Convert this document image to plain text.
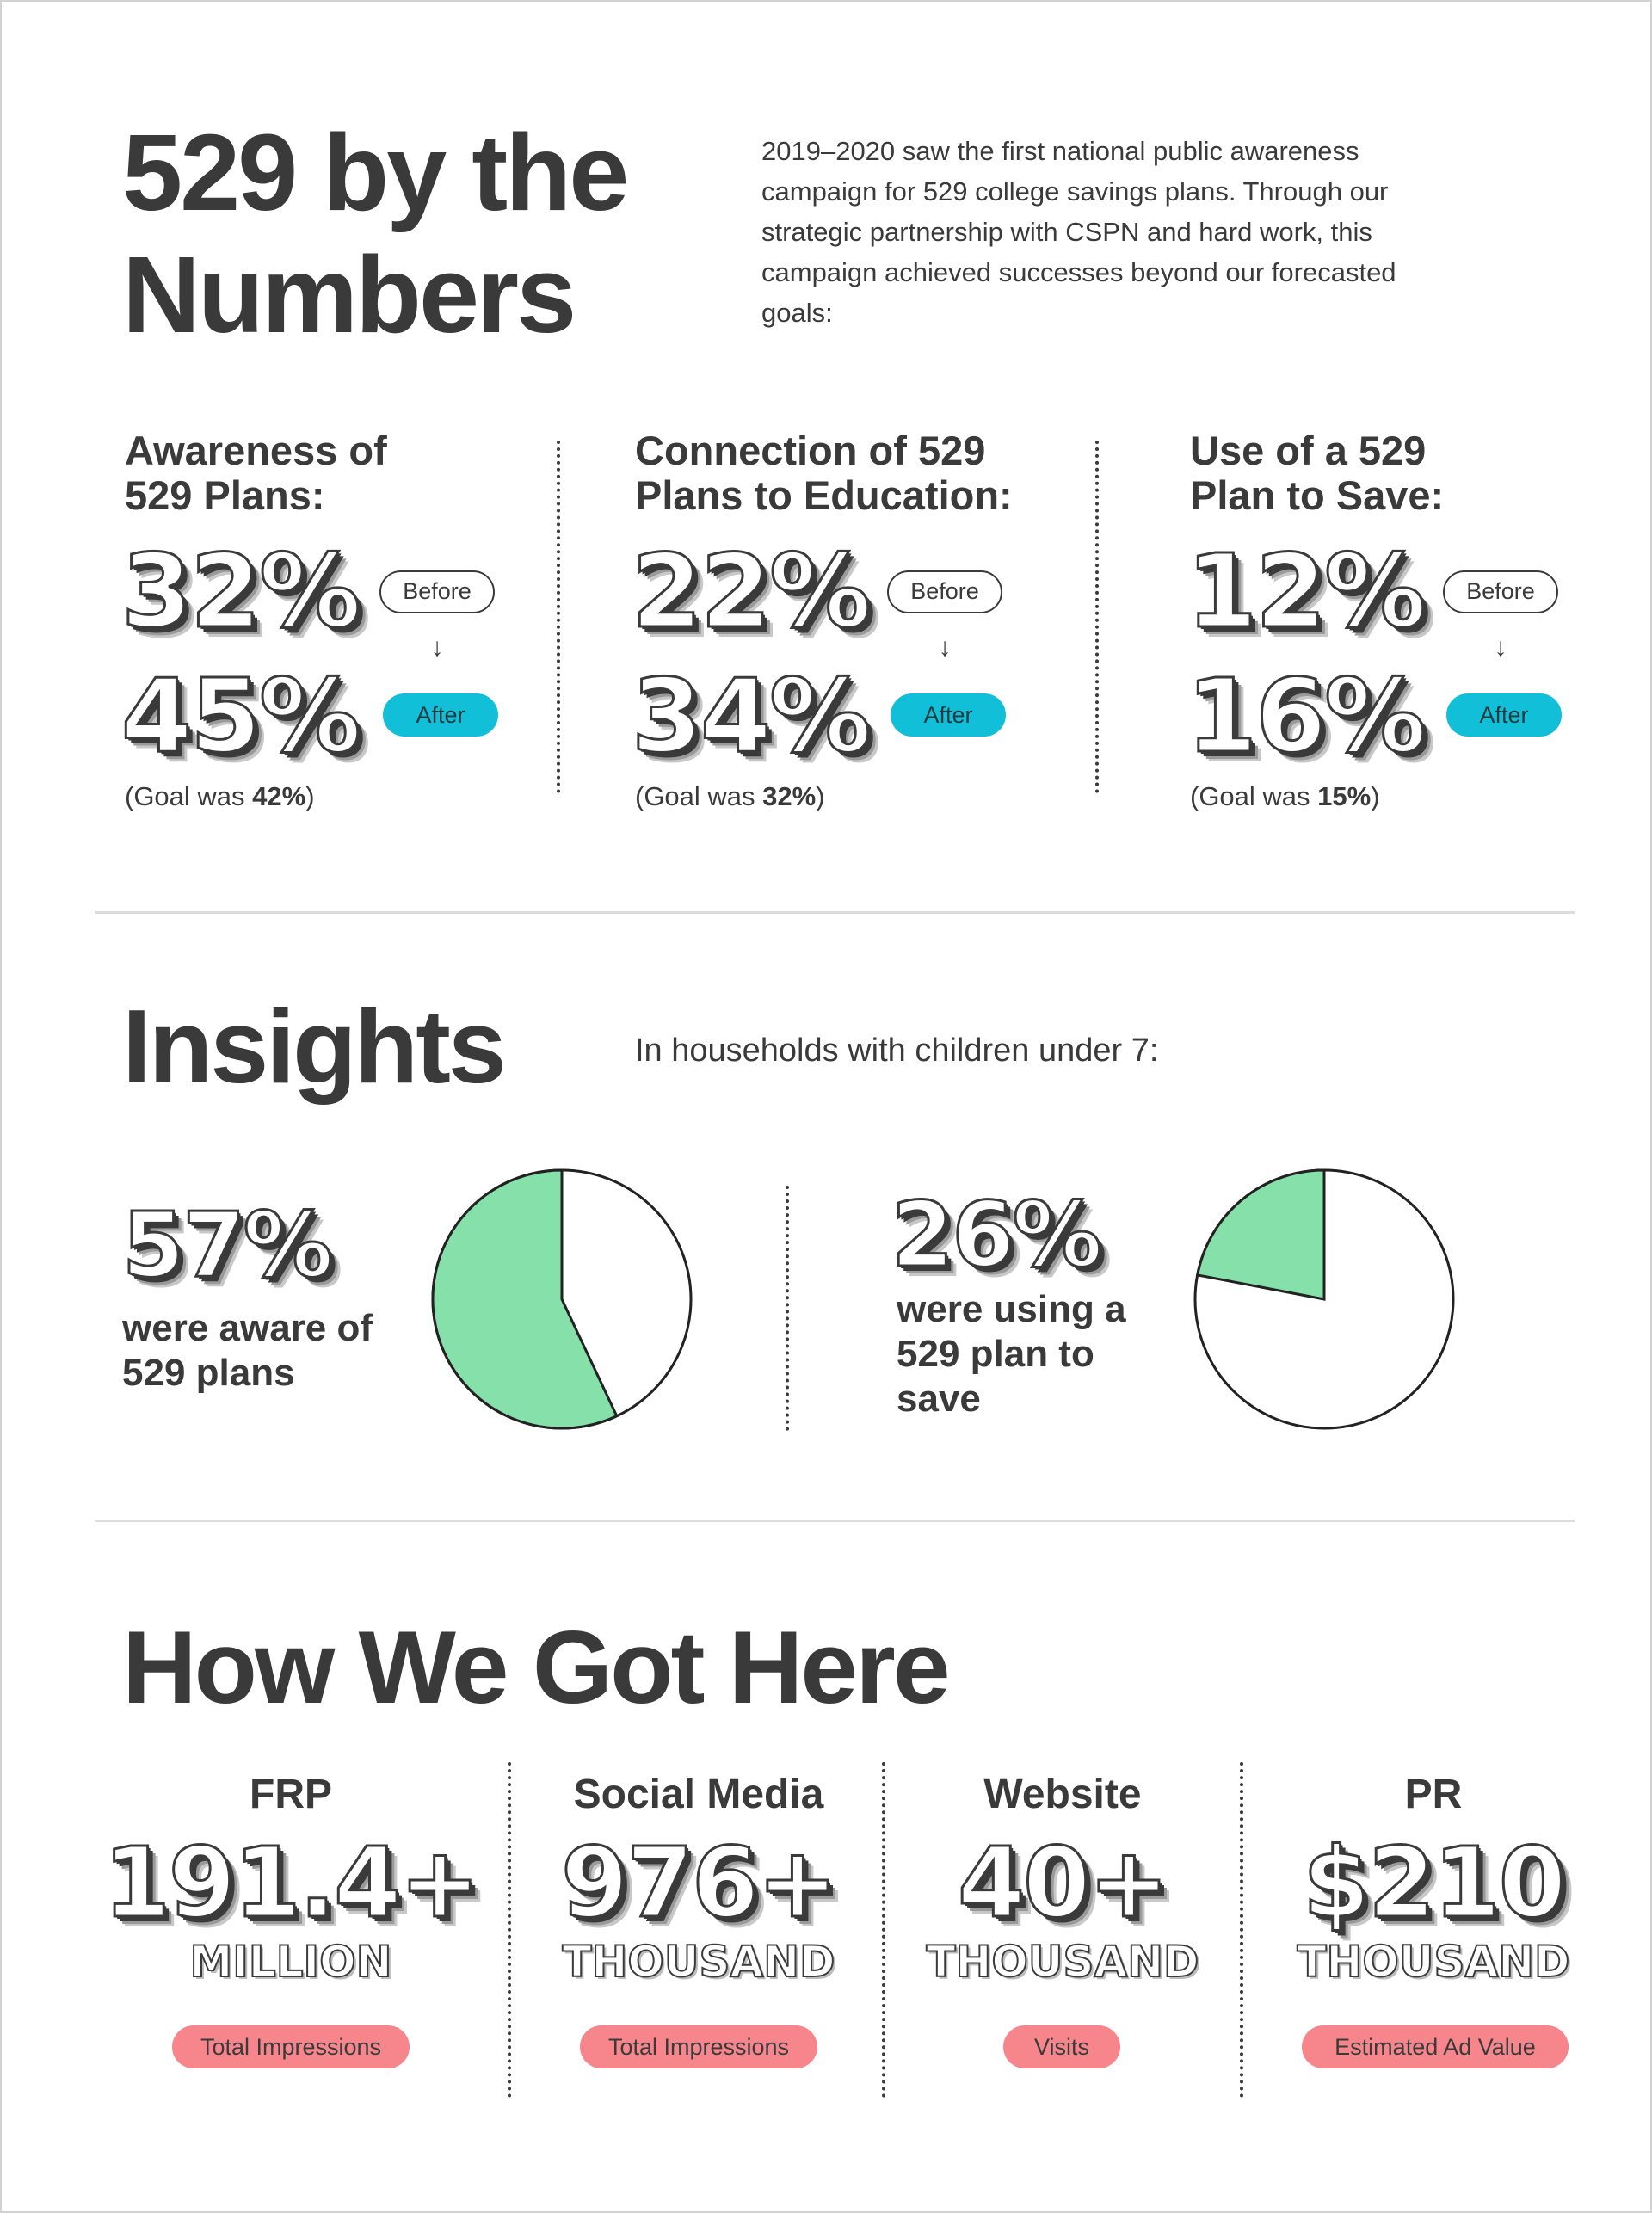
529 by the Numbers
2019–2020 saw the first national public awareness campaign for 529 college savings plans. Through our strategic partnership with CSPN and hard work, this campaign achieved successes beyond our forecasted goals:
Awareness of 529 Plans:
32%	Before
↓
45%	After
(Goal was 42%)
Connection of 529 Plans to Education:
22%	Before
↓
34%	After
(Goal was 32%)
Use of a 529 Plan to Save:
12%	Before
↓
16%	After
(Goal was 15%)
Insights	In households with children under 7:
57%
were aware of 529 plans
26%
were using a 529 plan to save
How We Got Here
FRP
191.4+
MILLION
Total Impressions
Social Media
976+
THOUSAND
Total Impressions
Website
40+
THOUSAND
Visits
PR
$210
THOUSAND
Estimated Ad Value
